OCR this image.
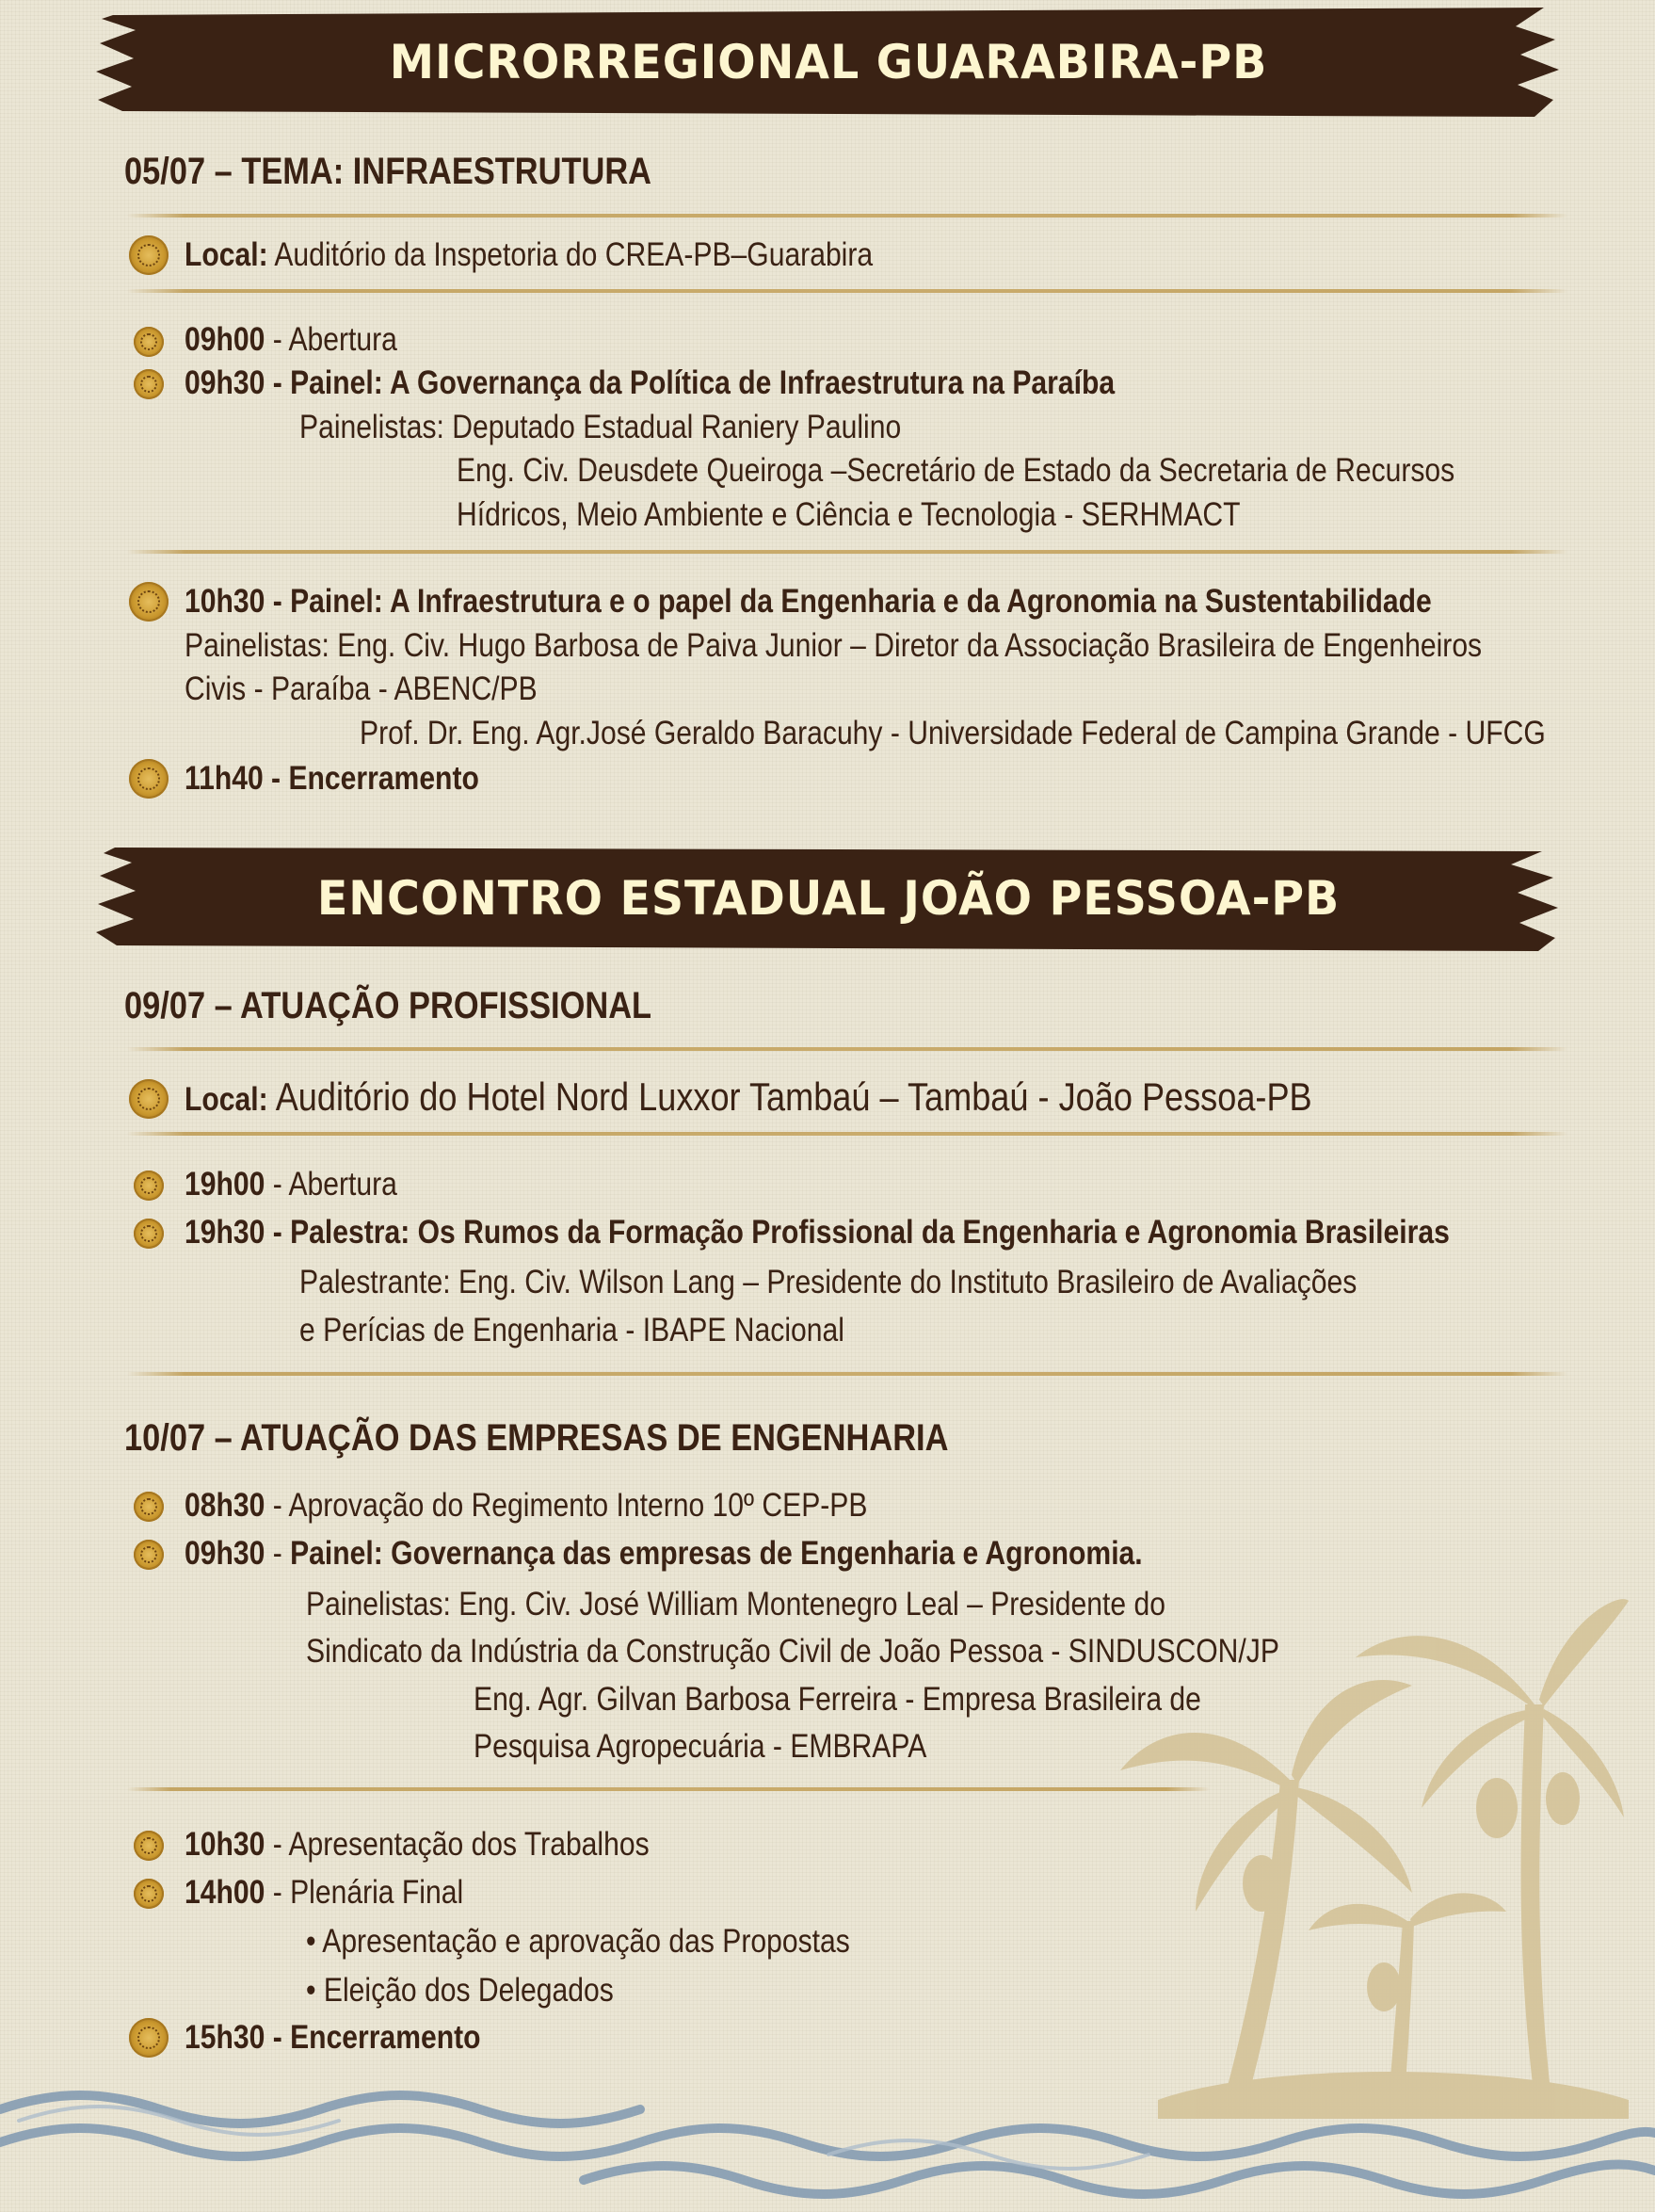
MICRORREGIONAL GUARABIRA-PB
05/07 – TEMA: INFRAESTRUTURA
Local: Auditório da Inspetoria do CREA-PB–Guarabira
09h00 - Abertura
09h30 - Painel: A Governança da Política de Infraestrutura na Paraíba
Painelistas: Deputado Estadual Raniery Paulino
Eng. Civ. Deusdete Queiroga –Secretário de Estado da Secretaria de Recursos
Hídricos, Meio Ambiente e Ciência e Tecnologia - SERHMACT
10h30 - Painel: A Infraestrutura e o papel da Engenharia e da Agronomia na Sustentabilidade
Painelistas: Eng. Civ. Hugo Barbosa de Paiva Junior – Diretor da Associação Brasileira de Engenheiros
Civis - Paraíba - ABENC/PB
Prof. Dr. Eng. Agr.José Geraldo Baracuhy - Universidade Federal de Campina Grande - UFCG
11h40 - Encerramento
ENCONTRO ESTADUAL JOÃO PESSOA-PB
09/07 – ATUAÇÃO PROFISSIONAL
Local: Auditório do Hotel Nord Luxxor Tambaú – Tambaú - João Pessoa-PB
19h00 - Abertura
19h30 - Palestra: Os Rumos da Formação Profissional da Engenharia e Agronomia Brasileiras
Palestrante: Eng. Civ. Wilson Lang – Presidente do Instituto Brasileiro de Avaliações
e Perícias de Engenharia - IBAPE Nacional
10/07 – ATUAÇÃO DAS EMPRESAS DE ENGENHARIA
08h30 - Aprovação do Regimento Interno 10º CEP-PB
09h30 - Painel: Governança das empresas de Engenharia e Agronomia.
Painelistas: Eng. Civ. José William Montenegro Leal – Presidente do
Sindicato da Indústria da Construção Civil de João Pessoa - SINDUSCON/JP
Eng. Agr. Gilvan Barbosa Ferreira - Empresa Brasileira de
Pesquisa Agropecuária - EMBRAPA
10h30 - Apresentação dos Trabalhos
14h00 - Plenária Final
• Apresentação e aprovação das Propostas
• Eleição dos Delegados
15h30 - Encerramento
